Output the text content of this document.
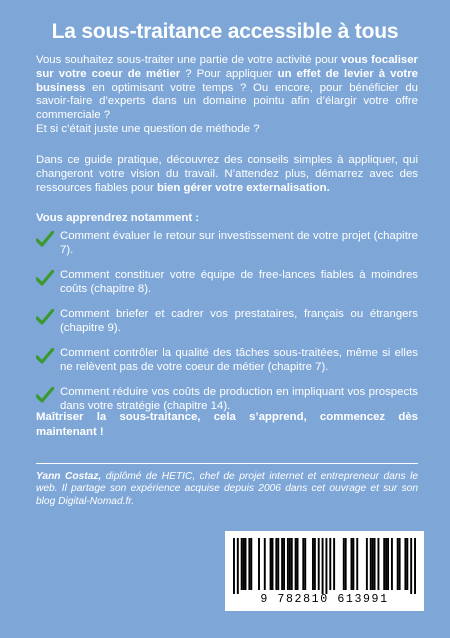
La sous-traitance accessible à tous
Vous souhaitez sous-traiter une partie de votre activité pour vous focaliser sur votre coeur de métier ? Pour appliquer un effet de levier à votre business en optimisant votre temps ? Ou encore, pour bénéficier du savoir-faire d’experts dans un domaine pointu afin d’élargir votre offre commerciale ?
Et si c’était juste une question de méthode ?
Dans ce guide pratique, découvrez des conseils simples à appliquer, qui changeront votre vision du travail. N’attendez plus, démarrez avec des ressources fiables pour bien gérer votre externalisation.
Vous apprendrez notamment :
Comment évaluer le retour sur investissement de votre projet (chapitre 7).
Comment constituer votre équipe de free-lances fiables à moindres coûts (chapitre 8).
Comment briefer et cadrer vos prestataires, français ou étrangers (chapitre 9).
Comment contrôler la qualité des tâches sous-traitées, même si elles ne relèvent pas de votre coeur de métier (chapitre 7).
Comment réduire vos coûts de production en impliquant vos prospects dans votre stratégie (chapitre 14).
Maîtriser la sous-traitance, cela s’apprend, commencez dès maintenant !
Yann Costaz, diplômé de HETIC, chef de projet internet et entrepreneur dans le web. Il partage son expérience acquise depuis 2006 dans cet ouvrage et sur son blog Digital-Nomad.fr.
9 782810 613991
